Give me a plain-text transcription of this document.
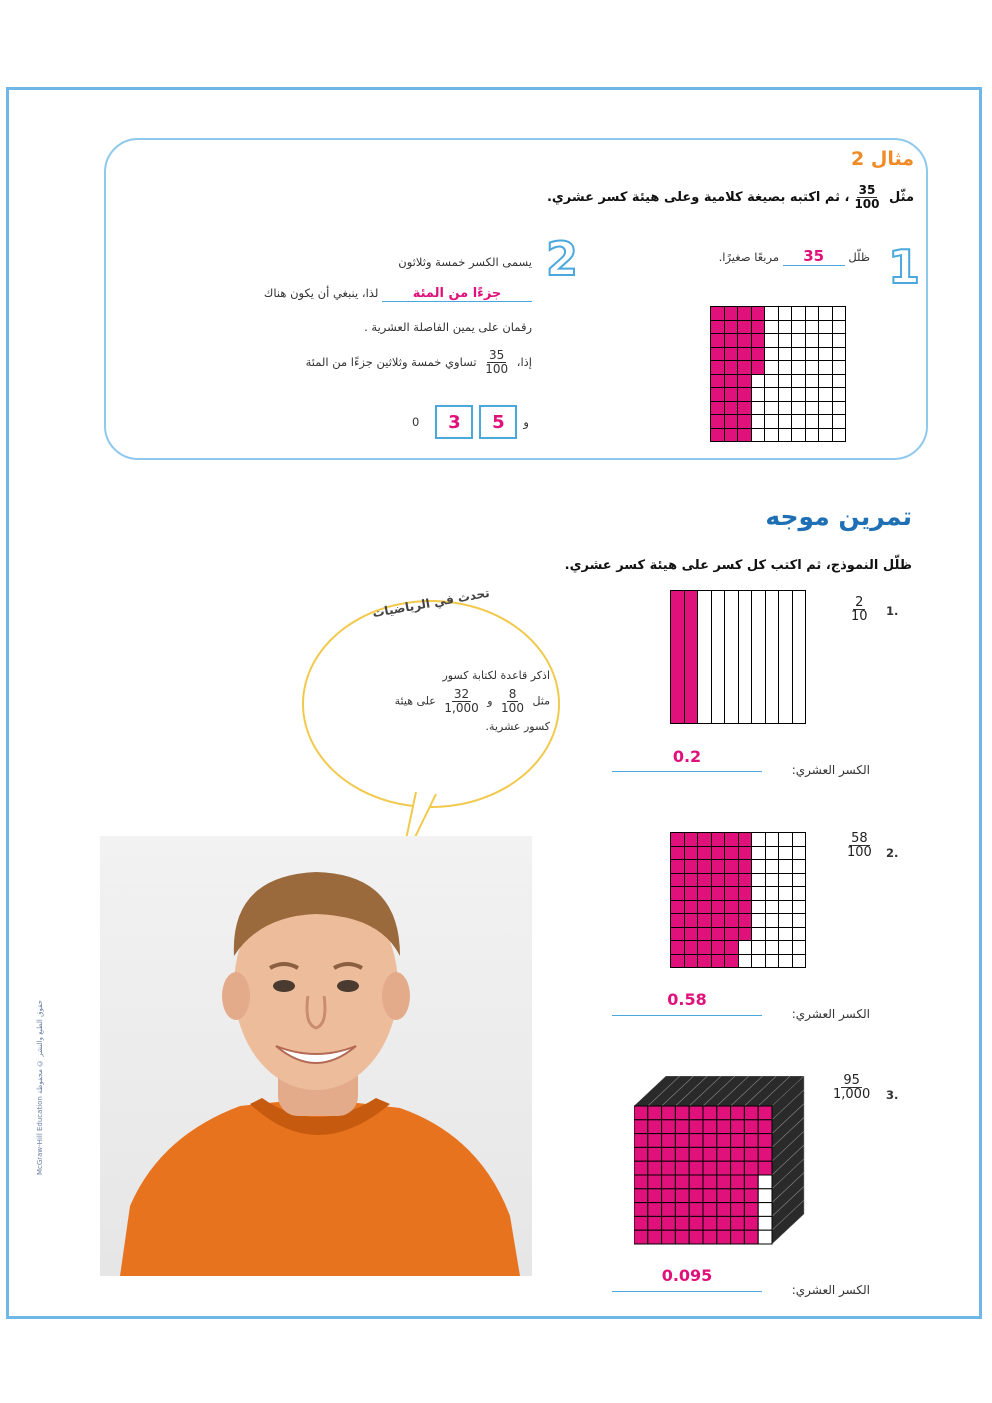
مثال 2
مثّل
$\frac{35}{100}$
، ثم اكتبه بصيغة كلامية وعلى هيئة كسر عشري.
1
ظلّل 35 مربعًا صغيرًا.
2
يسمى الكسر خمسة وثلاثون
جزءًا من المئة لذا، ينبغي أن يكون هناك
رقمان على يمين الفاصلة العشرية .
إذا،
$\frac{35}{100}$
تساوي خمسة وثلاثين جزءًا من المئة
0	3	5	و
تمرين موجه
ظلّل النموذج، ثم اكتب كل كسر على هيئة كسر عشري.
1.
$\frac{2}{10}$
الكسر العشري:
0.2
2.
$\frac{58}{100}$
الكسر العشري:
0.58
3.
$\frac{95}{1,000}$
الكسر العشري:
0.095
تحدث في الرياضيات
اذكر قاعدة لكتابة كسور
مثل
$\frac{8}{100}$
و
$\frac{32}{1,000}$
على هيئة
كسور عشرية.
McGraw-Hill Education حقوق الطبع والنشر © محفوظة
